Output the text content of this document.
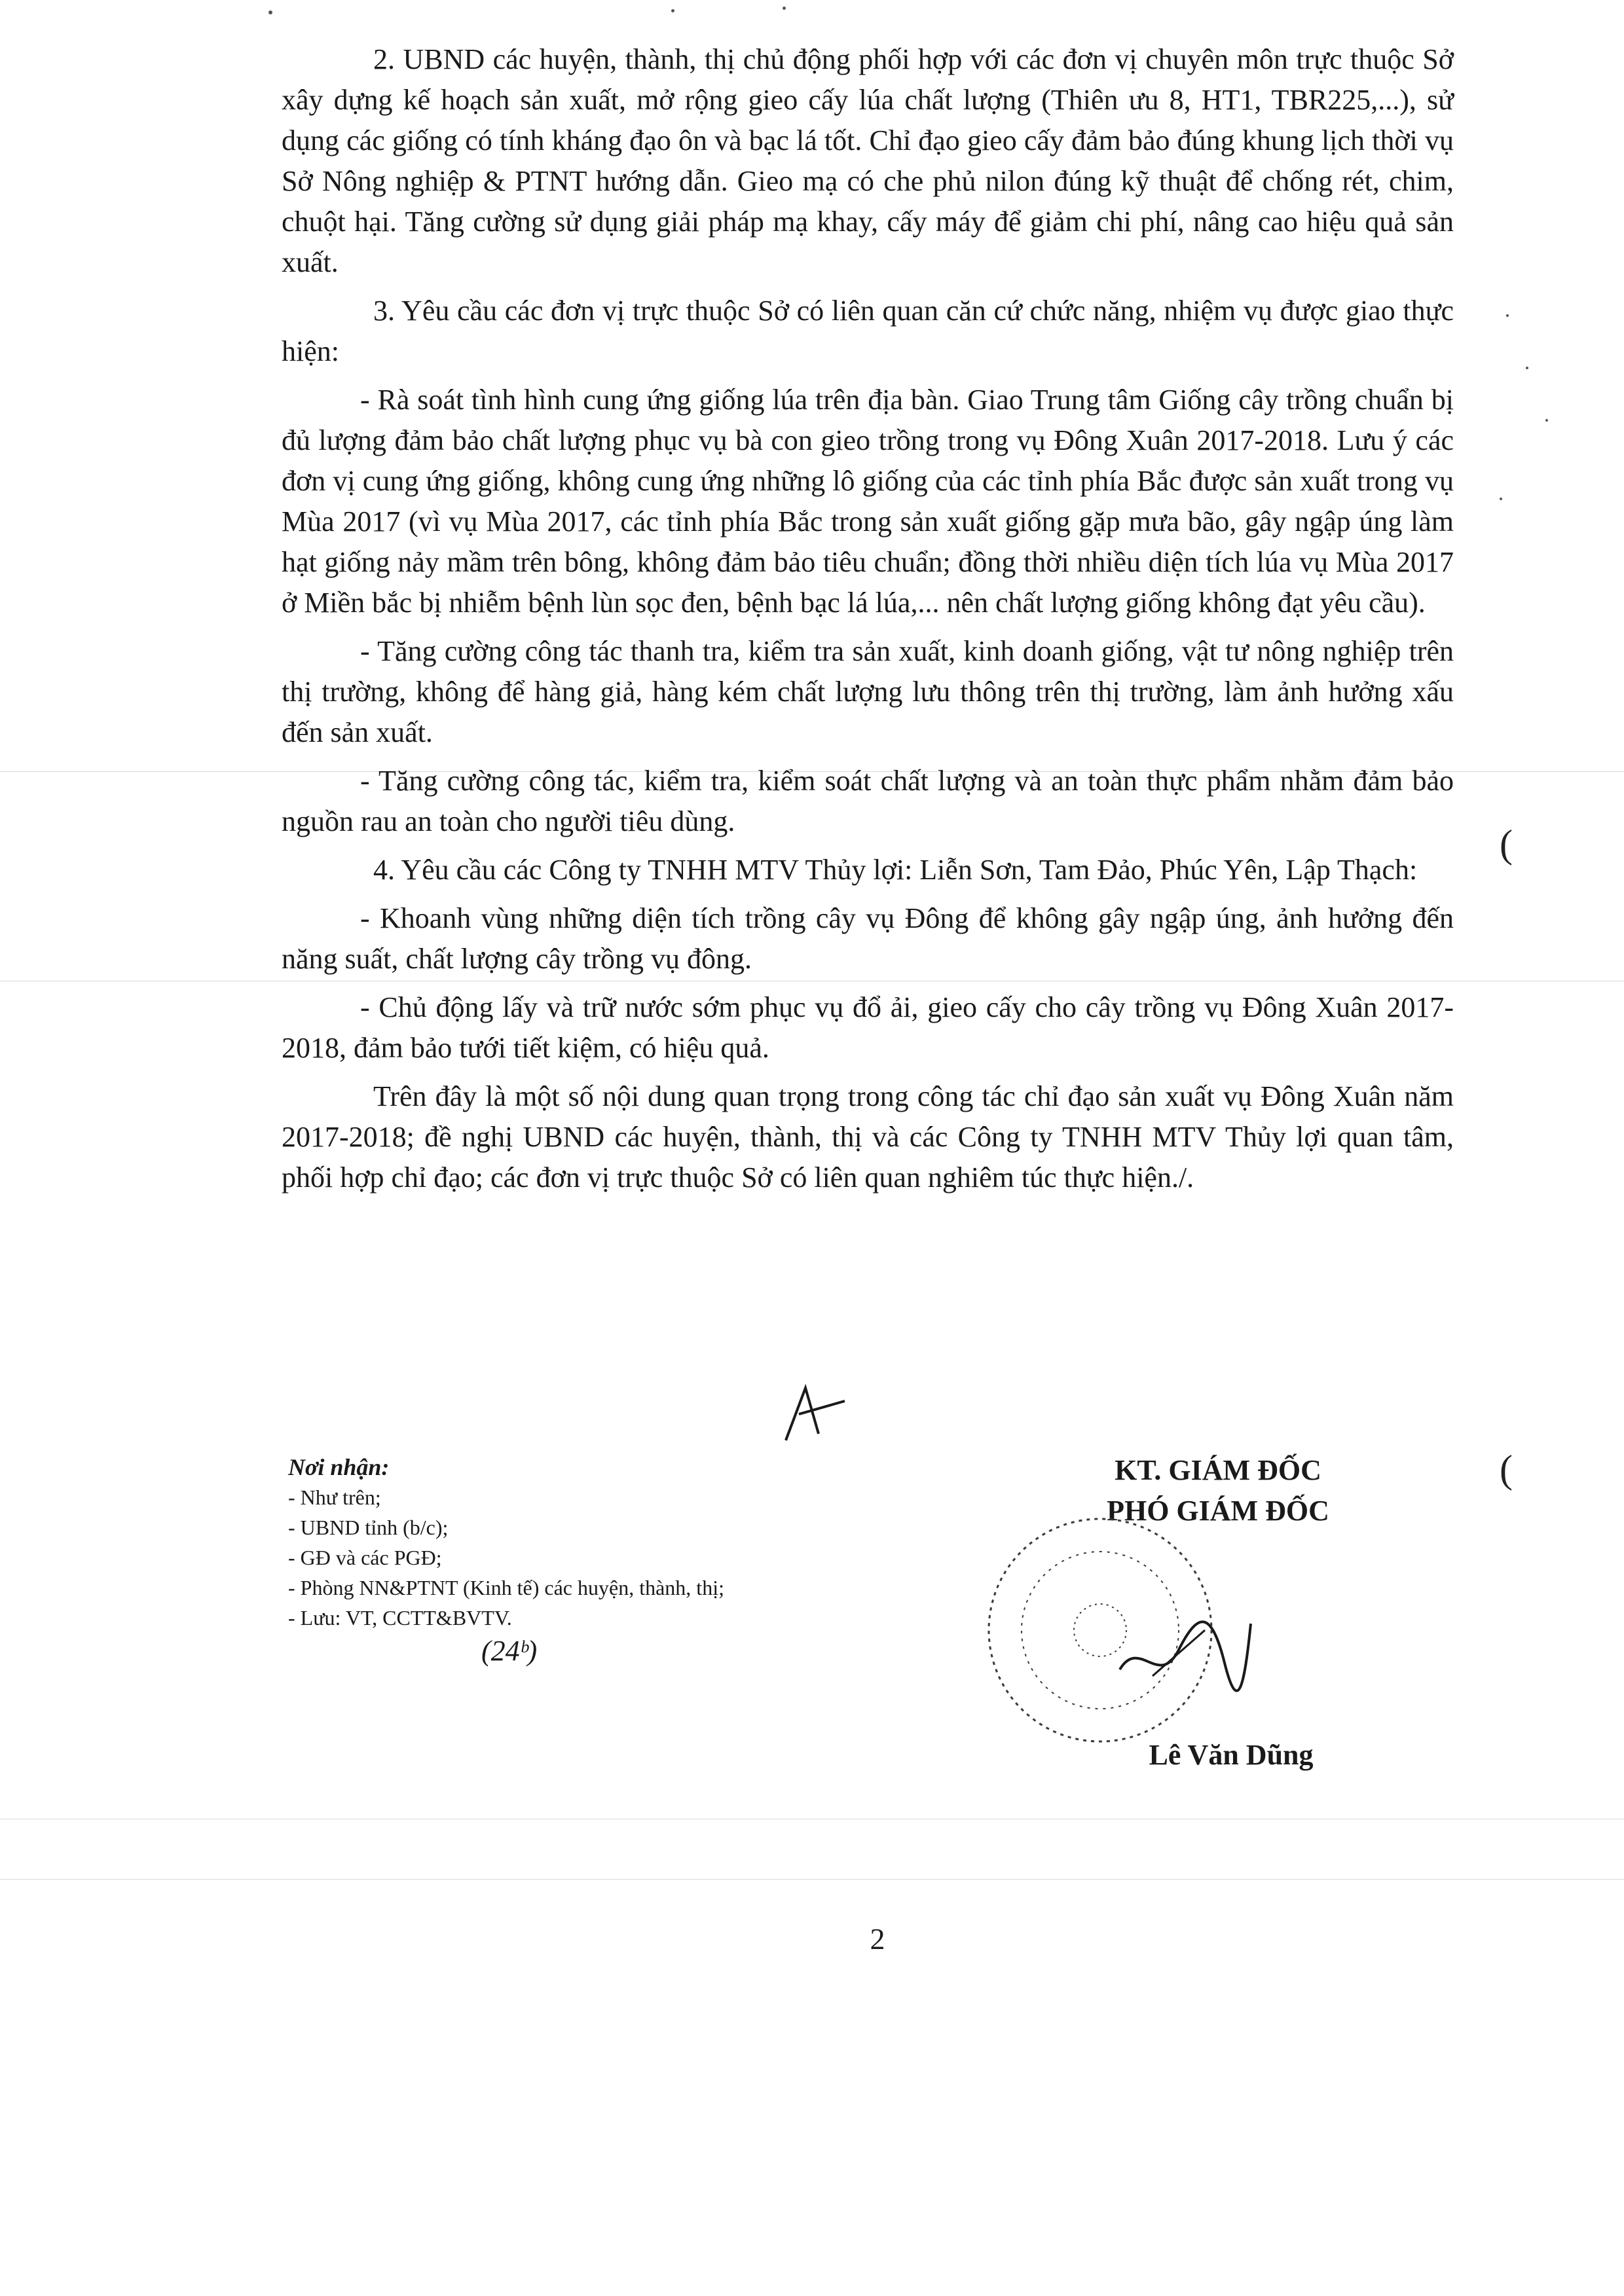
(
(

2. UBND các huyện, thành, thị chủ động phối hợp với các đơn vị chuyên môn trực thuộc Sở xây dựng kế hoạch sản xuất, mở rộng gieo cấy lúa chất lượng (Thiên ưu 8, HT1, TBR225,...), sử dụng các giống có tính kháng đạo ôn và bạc lá tốt. Chỉ đạo gieo cấy đảm bảo đúng khung lịch thời vụ Sở Nông nghiệp & PTNT hướng dẫn. Gieo mạ có che phủ nilon đúng kỹ thuật để chống rét, chim, chuột hại. Tăng cường sử dụng giải pháp mạ khay, cấy máy để giảm chi phí, nâng cao hiệu quả sản xuất.

3. Yêu cầu các đơn vị trực thuộc Sở có liên quan căn cứ chức năng, nhiệm vụ được giao thực hiện:

- Rà soát tình hình cung ứng giống lúa trên địa bàn. Giao Trung tâm Giống cây trồng chuẩn bị đủ lượng đảm bảo chất lượng phục vụ bà con gieo trồng trong vụ Đông Xuân 2017-2018. Lưu ý các đơn vị cung ứng giống, không cung ứng những lô giống của các tỉnh phía Bắc được sản xuất trong vụ Mùa 2017 (vì vụ Mùa 2017, các tỉnh phía Bắc trong sản xuất giống gặp mưa bão, gây ngập úng làm hạt giống nảy mầm trên bông, không đảm bảo tiêu chuẩn; đồng thời nhiều diện tích lúa vụ Mùa 2017 ở Miền bắc bị nhiễm bệnh lùn sọc đen, bệnh bạc lá lúa,... nên chất lượng giống không đạt yêu cầu).

- Tăng cường công tác thanh tra, kiểm tra sản xuất, kinh doanh giống, vật tư nông nghiệp trên thị trường, không để hàng giả, hàng kém chất lượng lưu thông trên thị trường, làm ảnh hưởng xấu đến sản xuất.

- Tăng cường công tác, kiểm tra, kiểm soát chất lượng và an toàn thực phẩm nhằm đảm bảo nguồn rau an toàn cho người tiêu dùng.

4. Yêu cầu các Công ty TNHH MTV Thủy lợi: Liễn Sơn, Tam Đảo, Phúc Yên, Lập Thạch:

- Khoanh vùng những diện tích trồng cây vụ Đông để không gây ngập úng, ảnh hưởng đến năng suất, chất lượng cây trồng vụ đông.

- Chủ động lấy và trữ nước sớm phục vụ đổ ải, gieo cấy cho cây trồng vụ Đông Xuân 2017-2018, đảm bảo tưới tiết kiệm, có hiệu quả.

Trên đây là một số nội dung quan trọng trong công tác chỉ đạo sản xuất vụ Đông Xuân năm 2017-2018; đề nghị UBND các huyện, thành, thị và các Công ty TNHH MTV Thủy lợi quan tâm, phối hợp chỉ đạo; các đơn vị trực thuộc Sở có liên quan nghiêm túc thực hiện./.

Nơi nhận:
- Như trên;
- UBND tỉnh (b/c);
- GĐ và các PGĐ;
- Phòng NN&PTNT (Kinh tế) các huyện, thành, thị;
- Lưu: VT, CCTT&BVTV.
(24ᵇ)
KT. GIÁM ĐỐC
PHÓ GIÁM ĐỐC
Lê Văn Dũng
2
